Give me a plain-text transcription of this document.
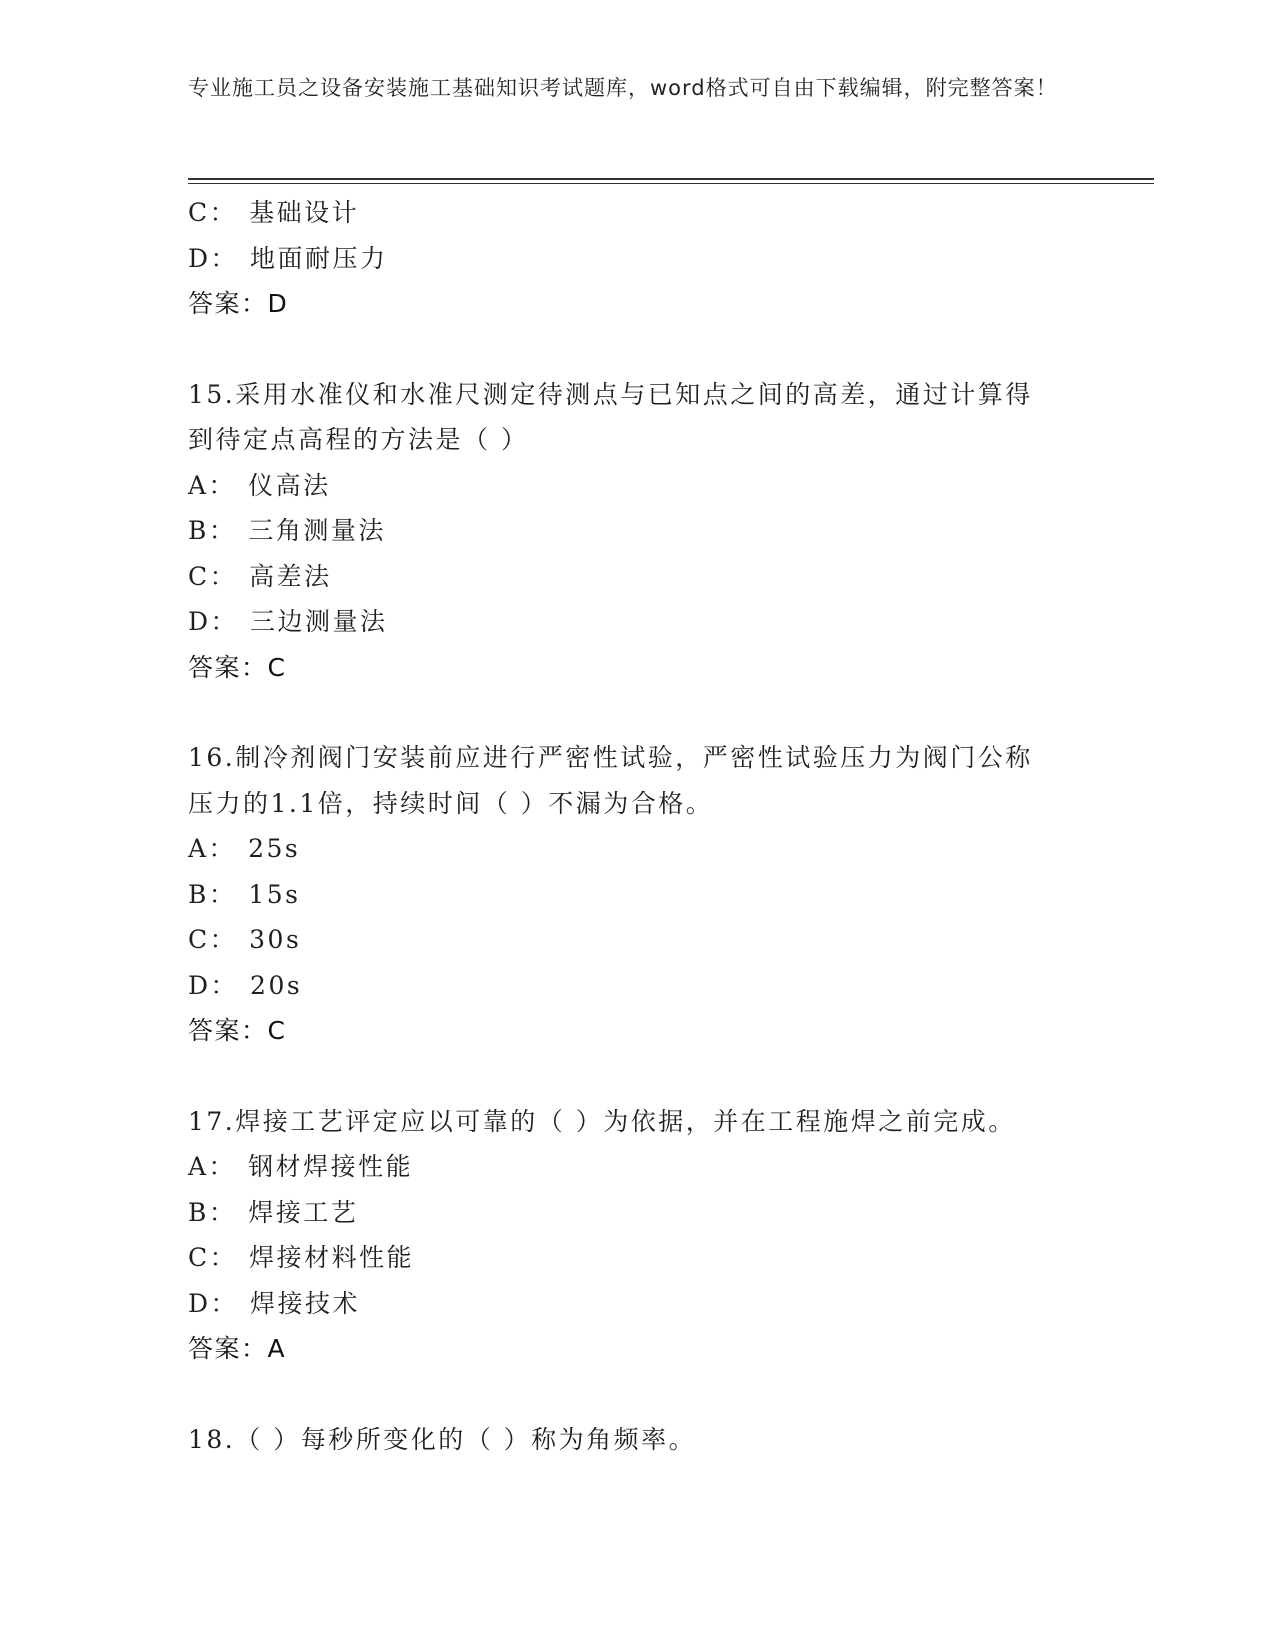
专业施工员之设备安装施工基础知识考试题库，word格式可自由下载编辑，附完整答案！
C： 基础设计
D： 地面耐压力
答案：D
15.采用水准仪和水准尺测定待测点与已知点之间的高差，通过计算得
到待定点高程的方法是（ ）
A： 仪高法
B： 三角测量法
C： 高差法
D： 三边测量法
答案：C
16.制冷剂阀门安装前应进行严密性试验，严密性试验压力为阀门公称
压力的1.1倍，持续时间（ ）不漏为合格。
A： 25s
B： 15s
C： 30s
D： 20s
答案：C
17.焊接工艺评定应以可靠的（ ）为依据，并在工程施焊之前完成。
A： 钢材焊接性能
B： 焊接工艺
C： 焊接材料性能
D： 焊接技术
答案：A
18.（ ）每秒所变化的（ ）称为角频率。
